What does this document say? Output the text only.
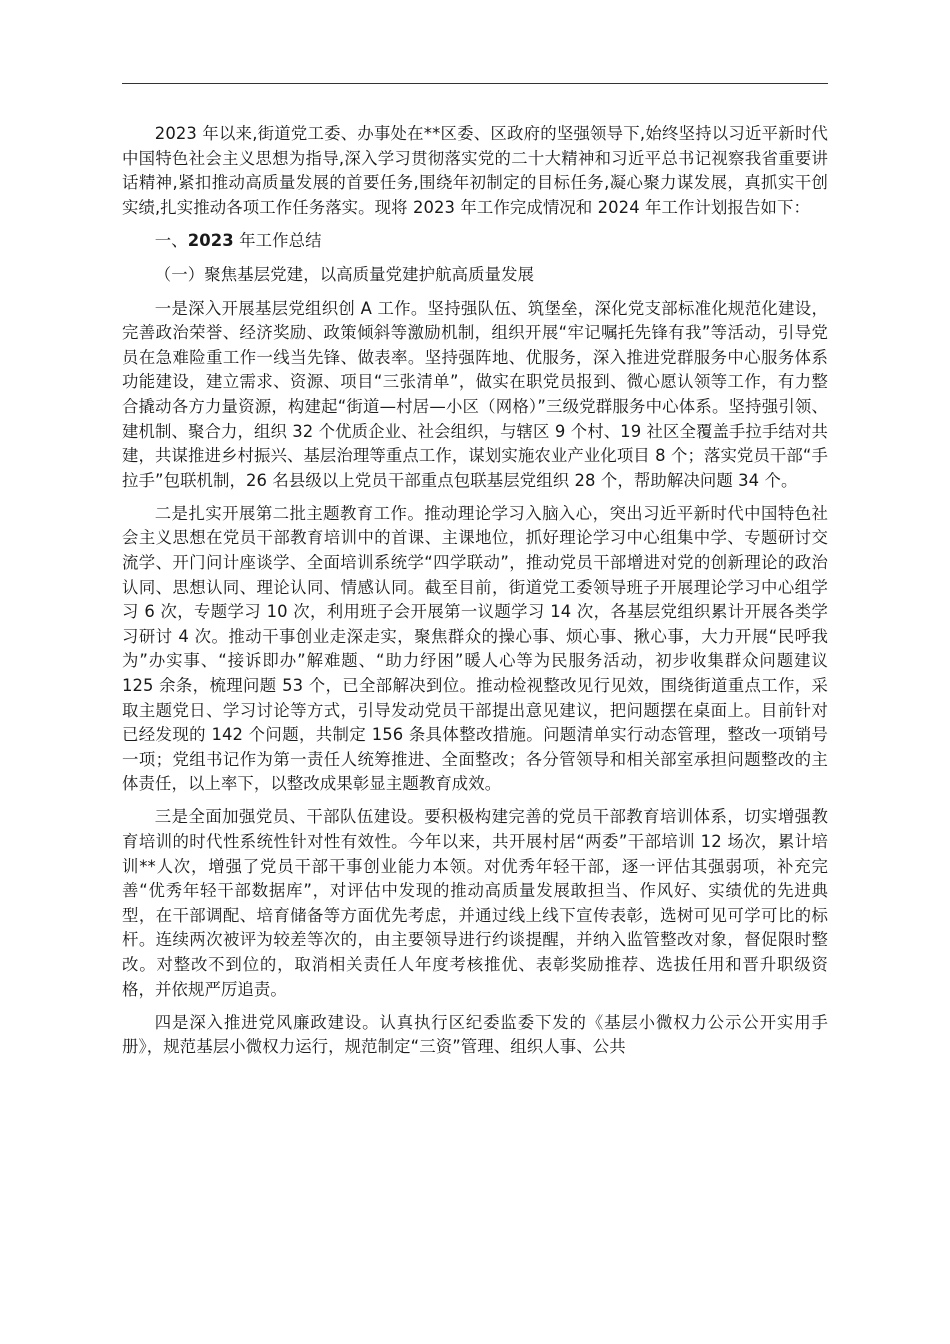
2023 年以来,街道党工委、办事处在**区委、区政府的坚强领导下,始终坚持以习近平新时代中国特色社会主义思想为指导,深入学习贯彻落实党的二十大精神和习近平总书记视察我省重要讲话精神,紧扣推动高质量发展的首要任务,围绕年初制定的目标任务,凝心聚力谋发展，真抓实干创实绩,扎实推动各项工作任务落实。现将 2023 年工作完成情况和 2024 年工作计划报告如下：

一、2023 年工作总结

（一）聚焦基层党建，以高质量党建护航高质量发展

一是深入开展基层党组织创 A 工作。坚持强队伍、筑堡垒，深化党支部标准化规范化建设，完善政治荣誉、经济奖励、政策倾斜等激励机制，组织开展“牢记嘱托先锋有我”等活动，引导党员在急难险重工作一线当先锋、做表率。坚持强阵地、优服务，深入推进党群服务中心服务体系功能建设，建立需求、资源、项目“三张清单”，做实在职党员报到、微心愿认领等工作，有力整合撬动各方力量资源，构建起“街道—村居—小区（网格）”三级党群服务中心体系。坚持强引领、建机制、聚合力，组织 32 个优质企业、社会组织，与辖区 9 个村、19 社区全覆盖手拉手结对共建，共谋推进乡村振兴、基层治理等重点工作，谋划实施农业产业化项目 8 个；落实党员干部“手拉手”包联机制，26 名县级以上党员干部重点包联基层党组织 28 个，帮助解决问题 34 个。

二是扎实开展第二批主题教育工作。推动理论学习入脑入心，突出习近平新时代中国特色社会主义思想在党员干部教育培训中的首课、主课地位，抓好理论学习中心组集中学、专题研讨交流学、开门问计座谈学、全面培训系统学“四学联动”，推动党员干部增进对党的创新理论的政治认同、思想认同、理论认同、情感认同。截至目前，街道党工委领导班子开展理论学习中心组学习 6 次，专题学习 10 次，利用班子会开展第一议题学习 14 次，各基层党组织累计开展各类学习研讨 4 次。推动干事创业走深走实，聚焦群众的操心事、烦心事、揪心事，大力开展“民呼我为”办实事、“接诉即办”解难题、“助力纾困”暖人心等为民服务活动，初步收集群众问题建议 125 余条，梳理问题 53 个，已全部解决到位。推动检视整改见行见效，围绕街道重点工作，采取主题党日、学习讨论等方式，引导发动党员干部提出意见建议，把问题摆在桌面上。目前针对已经发现的 142 个问题，共制定 156 条具体整改措施。问题清单实行动态管理，整改一项销号一项；党组书记作为第一责任人统筹推进、全面整改；各分管领导和相关部室承担问题整改的主体责任，以上率下，以整改成果彰显主题教育成效。

三是全面加强党员、干部队伍建设。要积极构建完善的党员干部教育培训体系，切实增强教育培训的时代性系统性针对性有效性。今年以来，共开展村居“两委”干部培训 12 场次，累计培训**人次，增强了党员干部干事创业能力本领。对优秀年轻干部，逐一评估其强弱项，补充完善“优秀年轻干部数据库”，对评估中发现的推动高质量发展敢担当、作风好、实绩优的先进典型，在干部调配、培育储备等方面优先考虑，并通过线上线下宣传表彰，选树可见可学可比的标杆。连续两次被评为较差等次的，由主要领导进行约谈提醒，并纳入监管整改对象，督促限时整改。对整改不到位的，取消相关责任人年度考核推优、表彰奖励推荐、选拔任用和晋升职级资格，并依规严厉追责。

四是深入推进党风廉政建设。认真执行区纪委监委下发的《基层小微权力公示公开实用手册》，规范基层小微权力运行，规范制定“三资”管理、组织人事、公共
